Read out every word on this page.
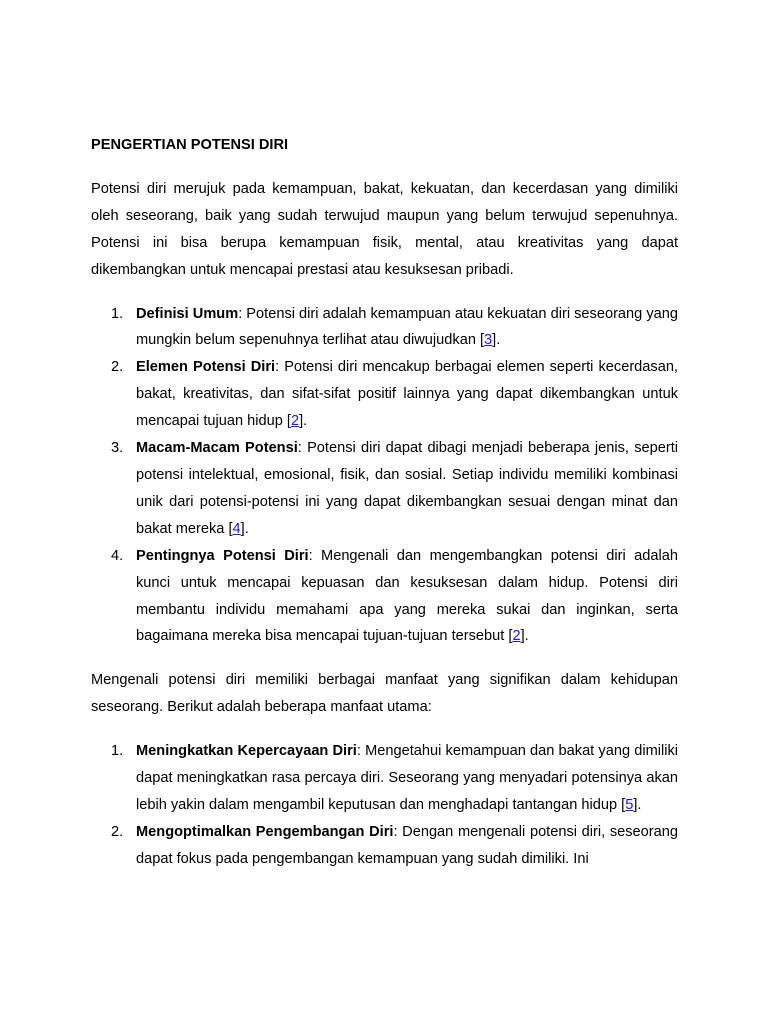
PENGERTIAN POTENSI DIRI

Potensi diri merujuk pada kemampuan, bakat, kekuatan, dan kecerdasan yang dimiliki oleh seseorang, baik yang sudah terwujud maupun yang belum terwujud sepenuhnya. Potensi ini bisa berupa kemampuan fisik, mental, atau kreativitas yang dapat dikembangkan untuk mencapai prestasi atau kesuksesan pribadi.

1. Definisi Umum: Potensi diri adalah kemampuan atau kekuatan diri seseorang yang mungkin belum sepenuhnya terlihat atau diwujudkan [3].
2. Elemen Potensi Diri: Potensi diri mencakup berbagai elemen seperti kecerdasan, bakat, kreativitas, dan sifat-sifat positif lainnya yang dapat dikembangkan untuk mencapai tujuan hidup [2].
3. Macam-Macam Potensi: Potensi diri dapat dibagi menjadi beberapa jenis, seperti potensi intelektual, emosional, fisik, dan sosial. Setiap individu memiliki kombinasi unik dari potensi-potensi ini yang dapat dikembangkan sesuai dengan minat dan bakat mereka [4].
4. Pentingnya Potensi Diri: Mengenali dan mengembangkan potensi diri adalah kunci untuk mencapai kepuasan dan kesuksesan dalam hidup. Potensi diri membantu individu memahami apa yang mereka sukai dan inginkan, serta bagaimana mereka bisa mencapai tujuan-tujuan tersebut [2].

Mengenali potensi diri memiliki berbagai manfaat yang signifikan dalam kehidupan seseorang. Berikut adalah beberapa manfaat utama:

1. Meningkatkan Kepercayaan Diri: Mengetahui kemampuan dan bakat yang dimiliki dapat meningkatkan rasa percaya diri. Seseorang yang menyadari potensinya akan lebih yakin dalam mengambil keputusan dan menghadapi tantangan hidup [5].
2. Mengoptimalkan Pengembangan Diri: Dengan mengenali potensi diri, seseorang dapat fokus pada pengembangan kemampuan yang sudah dimiliki. Ini
